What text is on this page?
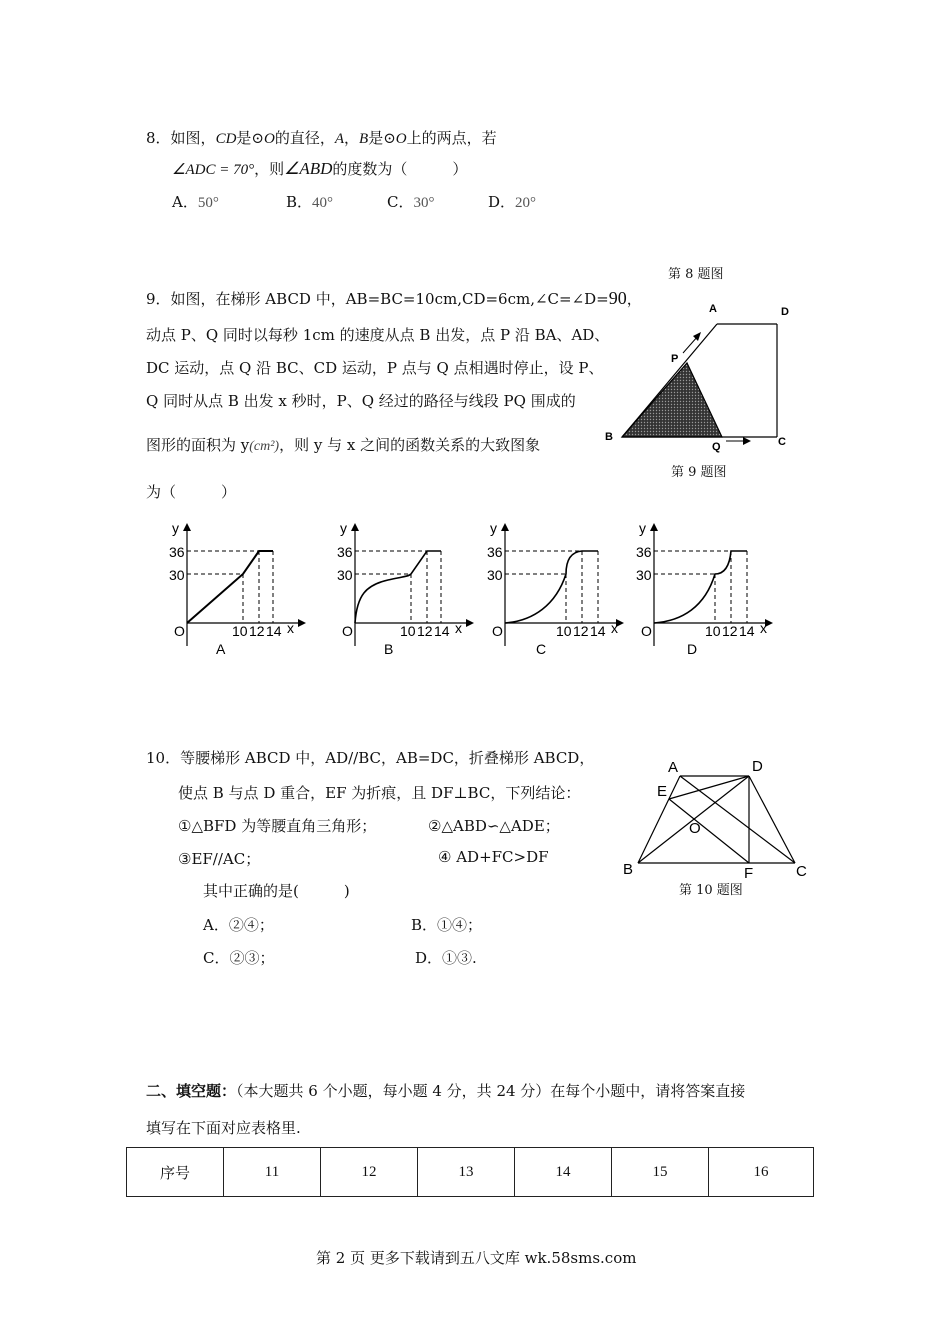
8．如图，CD是⊙O的直径，A，B是⊙O上的两点，若
∠ADC = 70°，则∠ABD的度数为（　　　）
A．50°	B．40°	C．30°	D．20°
第 8 题图
9．如图，在梯形 ABCD 中，AB=BC=10cm,CD=6cm,∠C=∠D=90，
动点 P、Q 同时以每秒 1cm 的速度从点 B 出发，点 P 沿 BA、AD、
DC 运动，点 Q 沿 BC、CD 运动，P 点与 Q 点相遇时停止，设 P、
Q 同时从点 B 出发 x 秒时，P、Q 经过的路径与线段 PQ 围成的
图形的面积为 y(cm²)，则 y 与 x 之间的函数关系的大致图象
为（　　　）
A	D
P
B
Q	C
第 9 题图
y
36
30
O	10 12 14 x
A
y
36
30
O	10 12 14 x
B
y
36
30
O	10 12 14 x
C
y
36
30
O	10 12 14 x
D
10．等腰梯形 ABCD 中，AD//BC，AB=DC，折叠梯形 ABCD，
使点 B 与点 D 重合，EF 为折痕，且 DF⊥BC，下列结论：
①△BFD 为等腰直角三角形；	②△ABD∽△ADE；
③EF//AC；	④ AD+FC>DF
其中正确的是(　　　)
A．②④；	B．①④；
C．②③；	D．①③.
A	D
E
O
B	F	C
第 10 题图
二、填空题：（本大题共 6 个小题，每小题 4 分，共 24 分）在每个小题中，请将答案直接
填写在下面对应表格里.
序号	11	12	13	14	15	16
第 2 页 更多下载请到五八文库 wk.58sms.com
